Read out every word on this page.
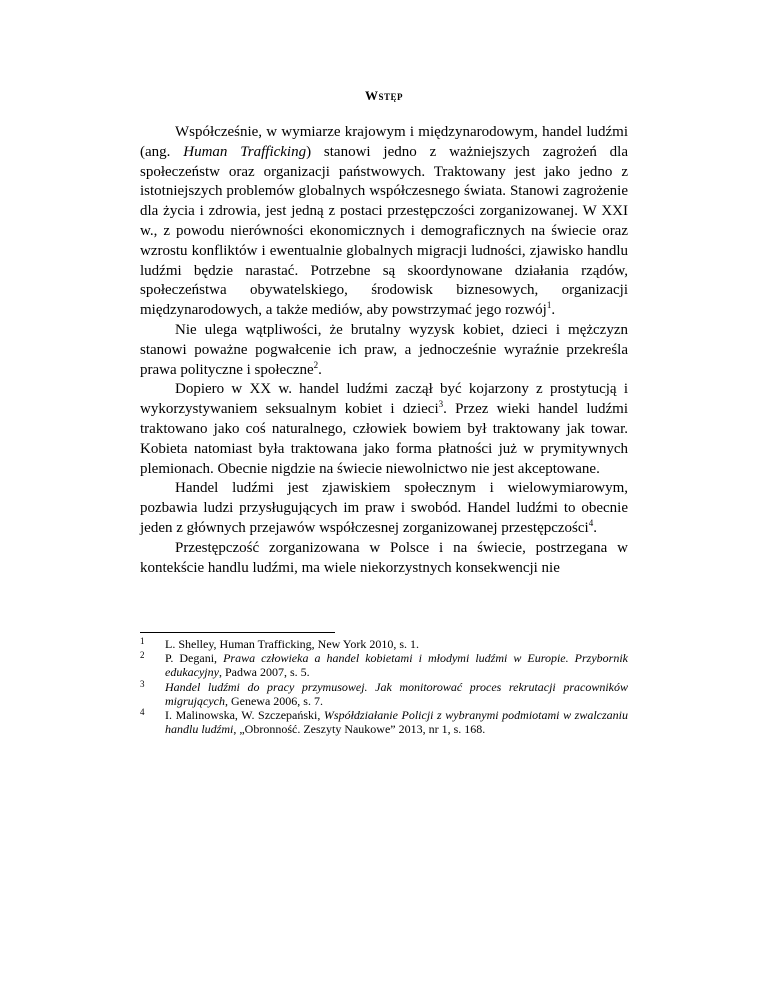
Wstęp

Współcześnie, w wymiarze krajowym i międzynarodowym, handel ludźmi (ang. Human Trafficking) stanowi jedno z ważniejszych zagrożeń dla społeczeństw oraz organizacji państwowych. Traktowany jest jako jedno z istotniejszych problemów globalnych współczesnego świata. Stanowi zagrożenie dla życia i zdrowia, jest jedną z postaci przestępczości zorganizowanej. W XXI w., z powodu nierówności ekonomicznych i demograficznych na świecie oraz wzrostu konfliktów i ewentualnie globalnych migracji ludności, zjawisko handlu ludźmi będzie narastać. Potrzebne są skoordynowane działania rządów, społeczeństwa obywatelskiego, środowisk biznesowych, organizacji międzynarodowych, a także mediów, aby powstrzymać jego rozwój$^1$.

Nie ulega wątpliwości, że brutalny wyzysk kobiet, dzieci i mężczyzn stanowi poważne pogwałcenie ich praw, a jednocześnie wyraźnie przekreśla prawa polityczne i społeczne$^2$.

Dopiero w XX w. handel ludźmi zaczął być kojarzony z prostytucją i wykorzystywaniem seksualnym kobiet i dzieci$^3$. Przez wieki handel ludźmi traktowano jako coś naturalnego, człowiek bowiem był traktowany jak towar. Kobieta natomiast była traktowana jako forma płatności już w prymitywnych plemionach. Obecnie nigdzie na świecie niewolnictwo nie jest akceptowane.

Handel ludźmi jest zjawiskiem społecznym i wielowymiarowym, pozbawia ludzi przysługujących im praw i swobód. Handel ludźmi to obecnie jeden z głównych przejawów współczesnej zorganizowanej przestępczości$^4$.

Przestępczość zorganizowana w Polsce i na świecie, postrzegana w kontekście handlu ludźmi, ma wiele niekorzystnych konsekwencji nie

1 L. Shelley, Human Trafficking, New York 2010, s. 1.
2 P. Degani, Prawa człowieka a handel kobietami i młodymi ludźmi w Europie. Przybornik edukacyjny, Padwa 2007, s. 5.
3 Handel ludźmi do pracy przymusowej. Jak monitorować proces rekrutacji pracowników migrujących, Genewa 2006, s. 7.
4 I. Malinowska, W. Szczepański, Współdziałanie Policji z wybranymi podmiotami w zwalczaniu handlu ludźmi, „Obronność. Zeszyty Naukowe” 2013, nr 1, s. 168.
